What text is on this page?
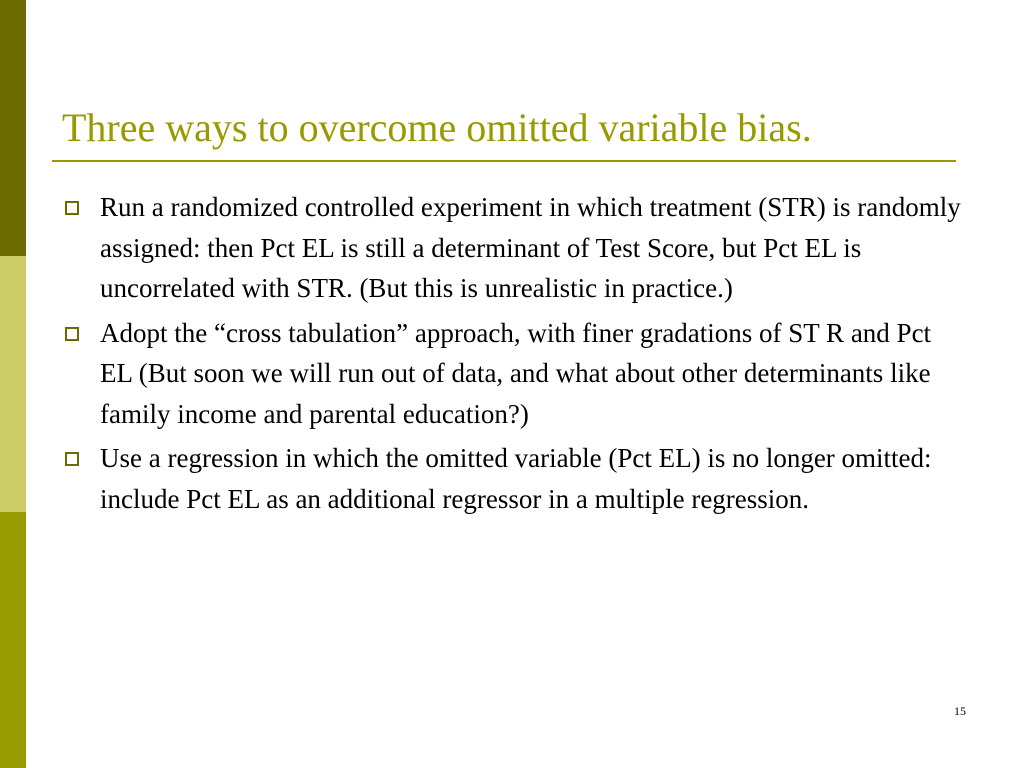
Three ways to overcome omitted variable bias.
Run a randomized controlled experiment in which treatment (STR) is randomly assigned: then Pct EL is still a determinant of Test Score, but Pct EL is uncorrelated with STR. (But this is unrealistic in practice.)
Adopt the “cross tabulation” approach, with finer gradations of ST R and Pct EL (But soon we will run out of data, and what about other determinants like family income and parental education?)
Use a regression in which the omitted variable (Pct EL) is no longer omitted: include Pct EL as an additional regressor in a multiple regression.
15
